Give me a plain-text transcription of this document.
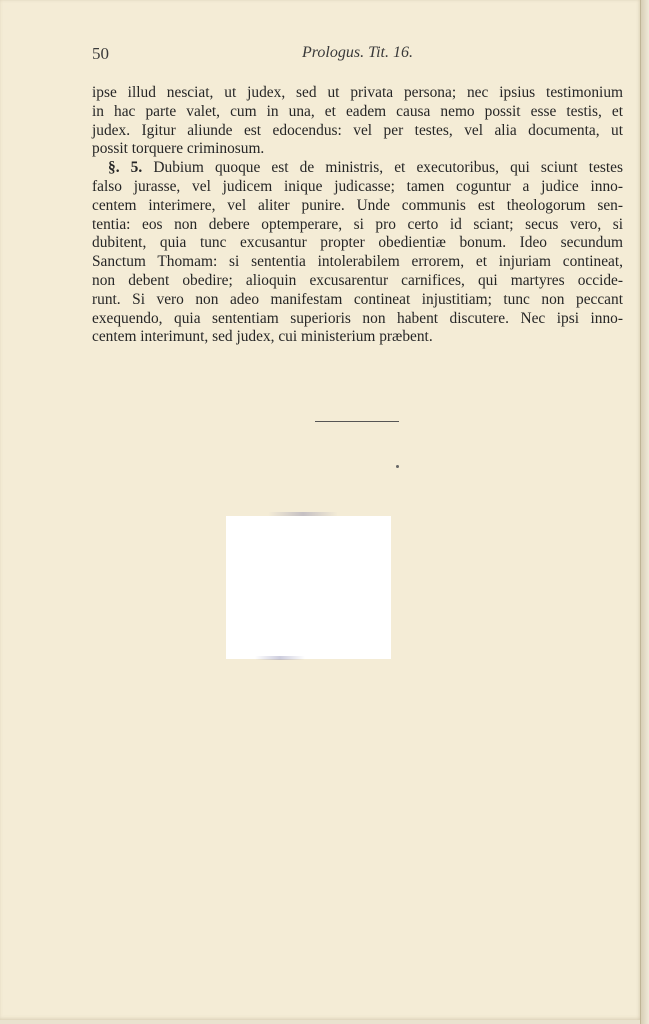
50	Prologus. Tit. 16.
ipse illud nesciat, ut judex, sed ut privata persona; nec ipsius testimonium
in hac parte valet, cum in una, et eadem causa nemo possit esse testis, et
judex. Igitur aliunde est edocendus: vel per testes, vel alia documenta, ut
possit torquere criminosum.
§. 5. Dubium quoque est de ministris, et executoribus, qui sciunt testes
falso jurasse, vel judicem inique judicasse; tamen coguntur a judice inno-
centem interimere, vel aliter punire. Unde communis est theologorum sen-
tentia: eos non debere optemperare, si pro certo id sciant; secus vero, si
dubitent, quia tunc excusantur propter obedientiæ bonum. Ideo secundum
Sanctum Thomam: si sententia intolerabilem errorem, et injuriam contineat,
non debent obedire; alioquin excusarentur carnifices, qui martyres occide-
runt. Si vero non adeo manifestam contineat injustitiam; tunc non peccant
exequendo, quia sententiam superioris non habent discutere. Nec ipsi inno-
centem interimunt, sed judex, cui ministerium præbent.
